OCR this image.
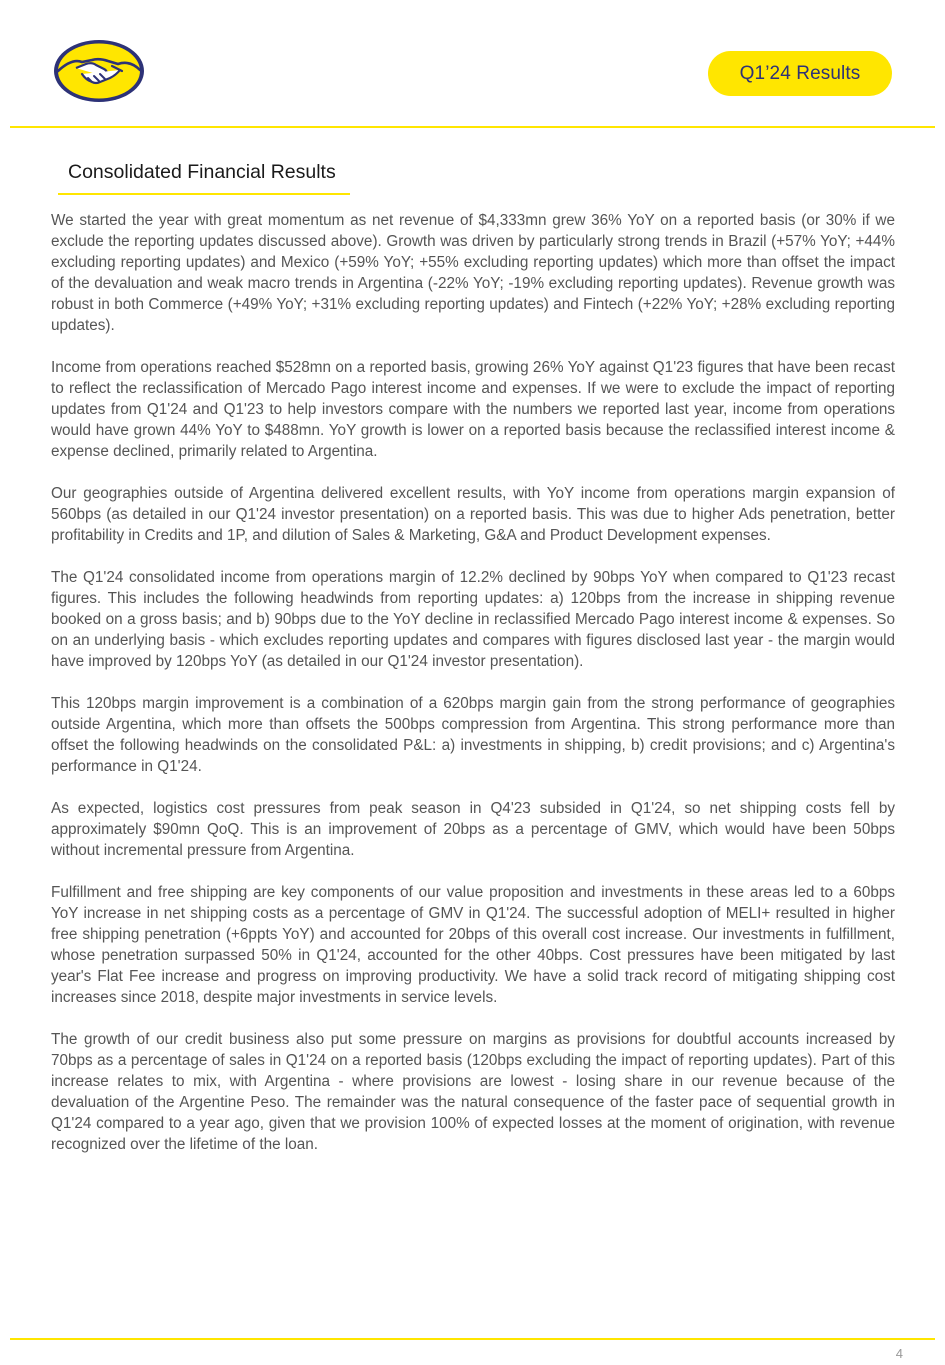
Q1’24 Results
Consolidated Financial Results

We started the year with great momentum as net revenue of $4,333mn grew 36% YoY on a reported basis (or 30% if we exclude the reporting updates discussed above). Growth was driven by particularly strong trends in Brazil (+57% YoY; +44% excluding reporting updates) and Mexico (+59% YoY; +55% excluding reporting updates) which more than offset the impact of the devaluation and weak macro trends in Argentina (-22% YoY; -19% excluding reporting updates). Revenue growth was robust in both Commerce (+49% YoY; +31% excluding reporting updates) and Fintech (+22% YoY; +28% excluding reporting updates).

Income from operations reached $528mn on a reported basis, growing 26% YoY against Q1'23 figures that have been recast to reflect the reclassification of Mercado Pago interest income and expenses. If we were to exclude the impact of reporting updates from Q1'24 and Q1'23 to help investors compare with the numbers we reported last year, income from operations would have grown 44% YoY to $488mn. YoY growth is lower on a reported basis because the reclassified interest income & expense declined, primarily related to Argentina.

Our geographies outside of Argentina delivered excellent results, with YoY income from operations margin expansion of 560bps (as detailed in our Q1'24 investor presentation) on a reported basis. This was due to higher Ads penetration, better profitability in Credits and 1P, and dilution of Sales & Marketing, G&A and Product Development expenses.

The Q1'24 consolidated income from operations margin of 12.2% declined by 90bps YoY when compared to Q1'23 recast figures. This includes the following headwinds from reporting updates: a) 120bps from the increase in shipping revenue booked on a gross basis; and b) 90bps due to the YoY decline in reclassified Mercado Pago interest income & expenses. So on an underlying basis - which excludes reporting updates and compares with figures disclosed last year - the margin would have improved by 120bps YoY (as detailed in our Q1'24 investor presentation).

This 120bps margin improvement is a combination of a 620bps margin gain from the strong performance of geographies outside Argentina, which more than offsets the 500bps compression from Argentina. This strong performance more than offset the following headwinds on the consolidated P&L: a) investments in shipping, b) credit provisions; and c) Argentina's performance in Q1'24.

As expected, logistics cost pressures from peak season in Q4'23 subsided in Q1'24, so net shipping costs fell by approximately $90mn QoQ. This is an improvement of 20bps as a percentage of GMV, which would have been 50bps without incremental pressure from Argentina.

Fulfillment and free shipping are key components of our value proposition and investments in these areas led to a 60bps YoY increase in net shipping costs as a percentage of GMV in Q1'24. The successful adoption of MELI+ resulted in higher free shipping penetration (+6ppts YoY) and accounted for 20bps of this overall cost increase. Our investments in fulfillment, whose penetration surpassed 50% in Q1'24, accounted for the other 40bps. Cost pressures have been mitigated by last year's Flat Fee increase and progress on improving productivity. We have a solid track record of mitigating shipping cost increases since 2018, despite major investments in service levels.

The growth of our credit business also put some pressure on margins as provisions for doubtful accounts increased by 70bps as a percentage of sales in Q1'24 on a reported basis (120bps excluding the impact of reporting updates). Part of this increase relates to mix, with Argentina - where provisions are lowest - losing share in our revenue because of the devaluation of the Argentine Peso. The remainder was the natural consequence of the faster pace of sequential growth in Q1'24 compared to a year ago, given that we provision 100% of expected losses at the moment of origination, with revenue recognized over the lifetime of the loan.

4
